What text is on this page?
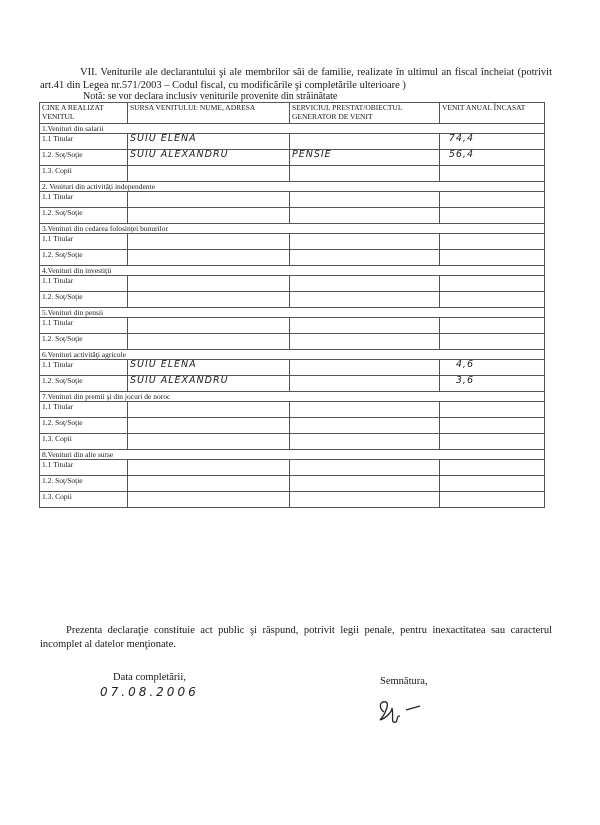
VII. Veniturile ale declarantului şi ale membrilor săi de familie, realizate în ultimul an fiscal încheiat (potrivit art.41 din Legea nr.571/2003 – Codul fiscal, cu modificările şi completările ulterioare )
Notă: se vor declara inclusiv veniturile provenite din străinătate
CINE A REALIZAT VENITUL	SURSA VENITULUI: NUME, ADRESA	SERVICIUL PRESTAT/OBIECTUL GENERATOR DE VENIT	VENIT ANUAL ÎNCASAT
1.Venituri din salarii			
1.1 Titular	SUIU ELENA		74,4
1.2. Soţ/Soţie	SUIU ALEXANDRU	PENSIE	56,4
1.3. Copii			
2. Venituri din activităţi independente			
1.1 Titular			
1.2. Soţ/Soţie			
3.Venituri din cedarea folosinţei bunurilor			
1.1 Titular			
1.2. Soţ/Soţie			
4.Venituri din investiţii			
1.1 Titular			
1.2. Soţ/Soţie			
5.Venituri din pensii			
1.1 Titular			
1.2. Soţ/Soţie			
6.Venituri activităţi agricole			
1.1 Titular	SUIU ELENA		4,6
1.2. Soţ/Soţie	SUIU ALEXANDRU		3,6
7.Venituri din premii şi din jocuri de noroc			
1.1 Titular			
1.2. Soţ/Soţie			
1.3. Copii			
8.Venituri din alte surse			
1.1 Titular			
1.2. Soţ/Soţie			
1.3. Copii			
Prezenta declaraţie constituie act public şi răspund, potrivit legii penale, pentru inexactitatea sau caracterul incomplet al datelor menţionate.
Data completării,
07.08.2006
Semnătura,
